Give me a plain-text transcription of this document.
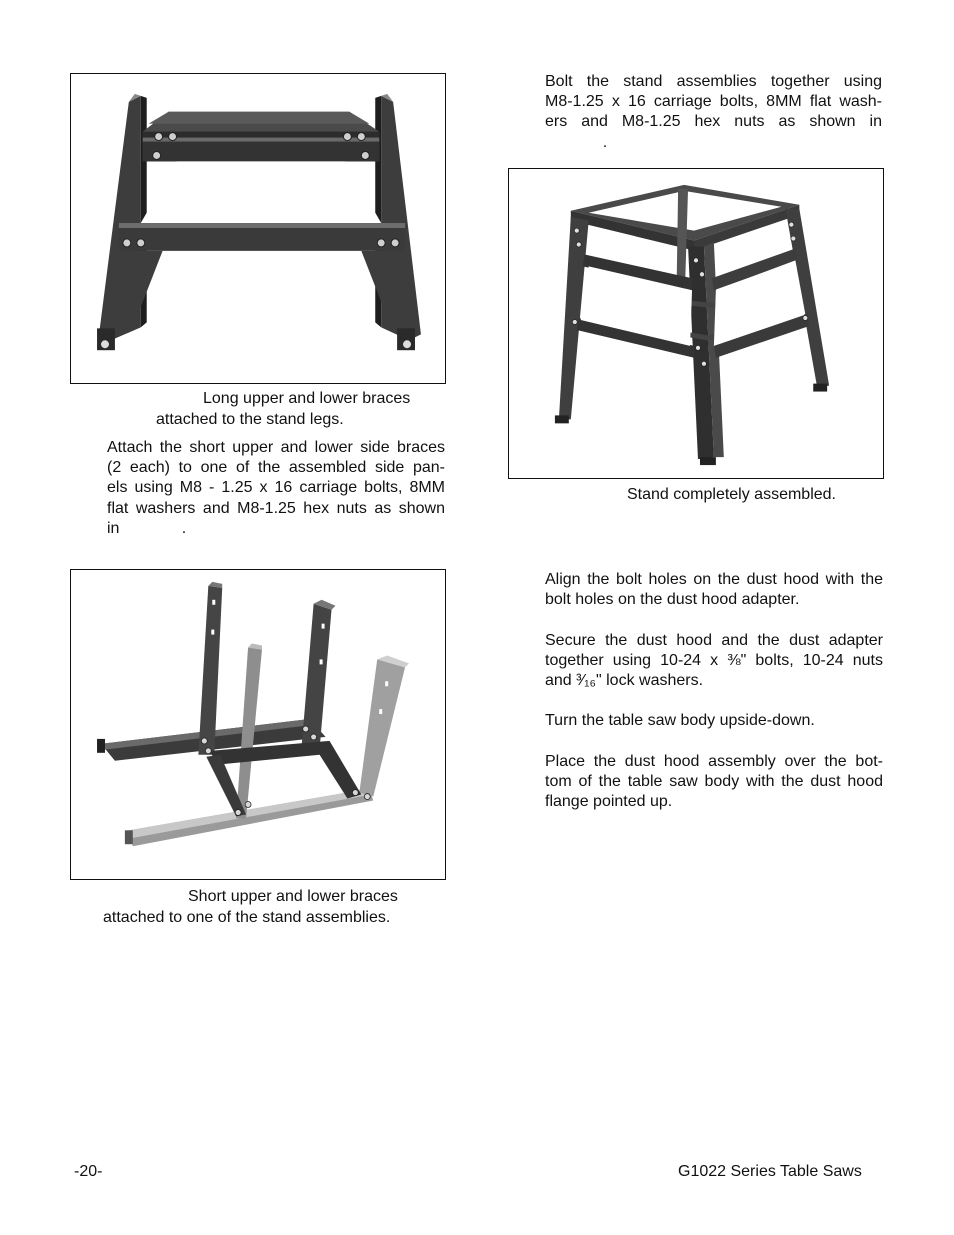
Long upper and lower braces
attached to the stand legs.
Attach the short upper and lower side braces
(2 each) to one of the assembled side pan-
els using M8 - 1.25 x 16 carriage bolts, 8MM
flat washers and M8-1.25 hex nuts as shown
in              .
Short upper and lower braces
attached to one of the stand assemblies.
Bolt the stand assemblies together using
M8-1.25 x 16 carriage bolts, 8MM flat wash-
ers and M8-1.25 hex nuts as shown in
.
Stand completely assembled.
Align the bolt holes on the dust hood with the
bolt holes on the dust hood adapter.
Secure the dust hood and the dust adapter
together using 10-24 x ⅜" bolts, 10-24 nuts
and ³⁄₁₆" lock washers.
Turn the table saw body upside-down.
Place the dust hood assembly over the bot-
tom of the table saw body with the dust hood
flange pointed up.
-20-	G1022 Series Table Saws
